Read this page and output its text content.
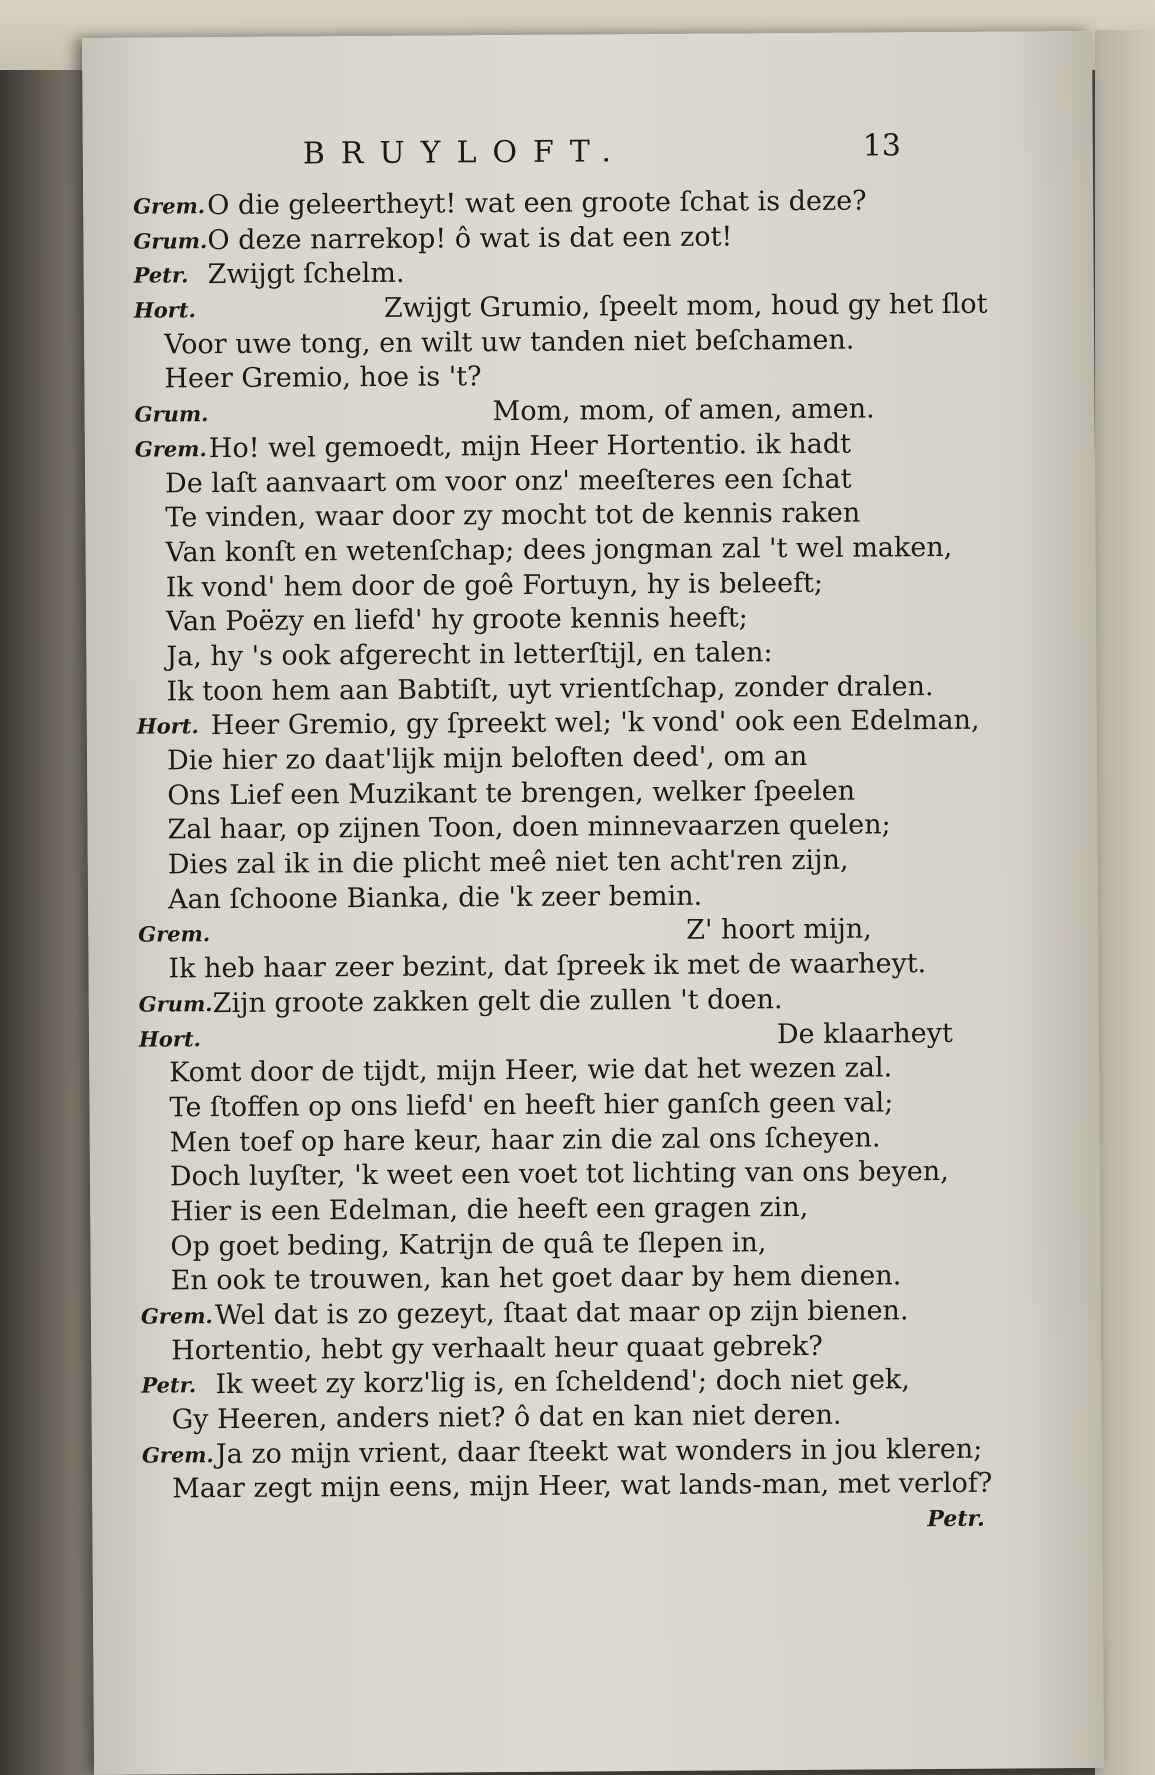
BRUYLOFT.	13
Grem. O die geleertheyt! wat een groote ſchat is deze?
Grum. O deze narrekop! ô wat is dat een zot!
Petr. Zwijgt ſchelm.
Hort.	Zwijgt Grumio, ſpeelt mom, houd gy het ſlot
Voor uwe tong, en wilt uw tanden niet beſchamen.
Heer Gremio, hoe is 't?
Grum.	Mom, mom, of amen, amen.
Grem. Ho! wel gemoedt, mijn Heer Hortentio. ik hadt
De laſt aanvaart om voor onz' meeſteres een ſchat
Te vinden, waar door zy mocht tot de kennis raken
Van konſt en wetenſchap; dees jongman zal 't wel maken,
Ik vond' hem door de goê Fortuyn, hy is beleeft;
Van Poëzy en liefd' hy groote kennis heeft;
Ja, hy 's ook afgerecht in letterſtijl, en talen:
Ik toon hem aan Babtiſt, uyt vrientſchap, zonder dralen.
Hort. Heer Gremio, gy ſpreekt wel; 'k vond' ook een Edelman,
Die hier zo daat'lijk mijn beloften deed', om an
Ons Lief een Muzikant te brengen, welker ſpeelen
Zal haar, op zijnen Toon, doen minnevaarzen quelen;
Dies zal ik in die plicht meê niet ten acht'ren zijn,
Aan ſchoone Bianka, die 'k zeer bemin.
Grem.	Z' hoort mijn,
Ik heb haar zeer bezint, dat ſpreek ik met de waarheyt.
Grum. Zijn groote zakken gelt die zullen 't doen.
Hort.	De klaarheyt
Komt door de tijdt, mijn Heer, wie dat het wezen zal.
Te ſtoffen op ons liefd' en heeft hier ganſch geen val;
Men toef op hare keur, haar zin die zal ons ſcheyen.
Doch luyſter, 'k weet een voet tot lichting van ons beyen,
Hier is een Edelman, die heeft een gragen zin,
Op goet beding, Katrijn de quâ te ſlepen in,
En ook te trouwen, kan het goet daar by hem dienen.
Grem. Wel dat is zo gezeyt, ſtaat dat maar op zijn bienen.
Hortentio, hebt gy verhaalt heur quaat gebrek?
Petr. Ik weet zy korz'lig is, en ſcheldend'; doch niet gek,
Gy Heeren, anders niet? ô dat en kan niet deren.
Grem. Ja zo mijn vrient, daar ſteekt wat wonders in jou kleren;
Maar zegt mijn eens, mijn Heer, wat lands-man, met verlof?
Petr.
